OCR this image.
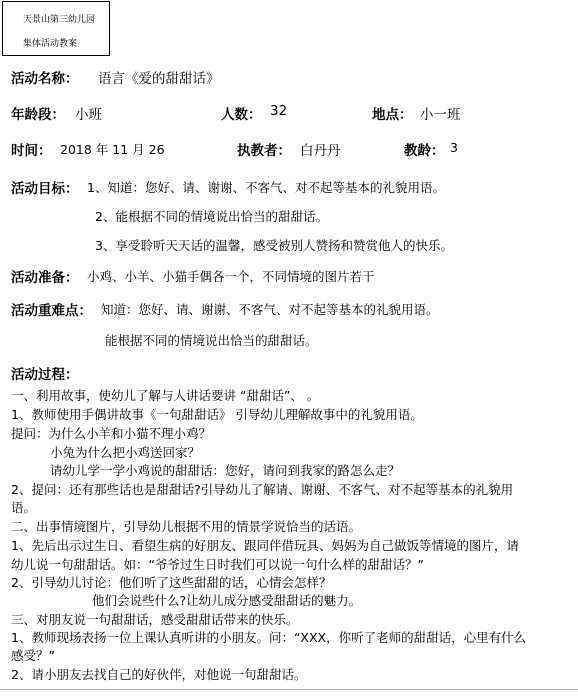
天景山第三幼儿园
集体活动教案
活动名称： 语言《爱的甜甜话》
年龄段： 小班	人数： 32	地点： 小一班
时间： 2018 年 11 月 26	执教者： 白丹丹	教龄： 3
活动目标： 1、知道：您好、请、谢谢、不客气、对不起等基本的礼貌用语。
2、能根据不同的情境说出恰当的甜甜话。
3、享受聆听天天话的温馨，感受被别人赞扬和赞赏他人的快乐。
活动准备： 小鸡、小羊、小猫手偶各一个，不同情境的图片若干
活动重难点： 知道：您好、请、谢谢、不客气、对不起等基本的礼貌用语。
能根据不同的情境说出恰当的甜甜话。
活动过程：
一、利用故事，使幼儿了解与人讲话要讲 “甜甜话”、 。
1、教师使用手偶讲故事《一句甜甜话》 引导幼儿理解故事中的礼貌用语。
提问：为什么小羊和小猫不理小鸡？
小兔为什么把小鸡送回家？
请幼儿学一学小鸡说的甜甜话：您好，请问到我家的路怎么走？
2、提问：还有那些话也是甜甜话?引导幼儿了解请、谢谢、不客气、对不起等基本的礼貌用
语。
二、出事情境图片，引导幼儿根据不用的情景学说恰当的话语。
1、先后出示过生日、看望生病的好朋友、跟同伴借玩具、妈妈为自己做饭等情境的图片，请
幼儿说一句甜甜话。如：“爷爷过生日时我们可以说一句什么样的甜甜话？”
2、引导幼儿讨论：他们听了这些甜甜的话，心情会怎样？
他们会说些什么?让幼儿成分感受甜甜话的魅力。
三、对朋友说一句甜甜话，感受甜甜话带来的快乐。
1、教师现场表扬一位上课认真听讲的小朋友。问：“XXX，你听了老师的甜甜话，心里有什么
感受？”
2、请小朋友去找自己的好伙伴，对他说一句甜甜话。
